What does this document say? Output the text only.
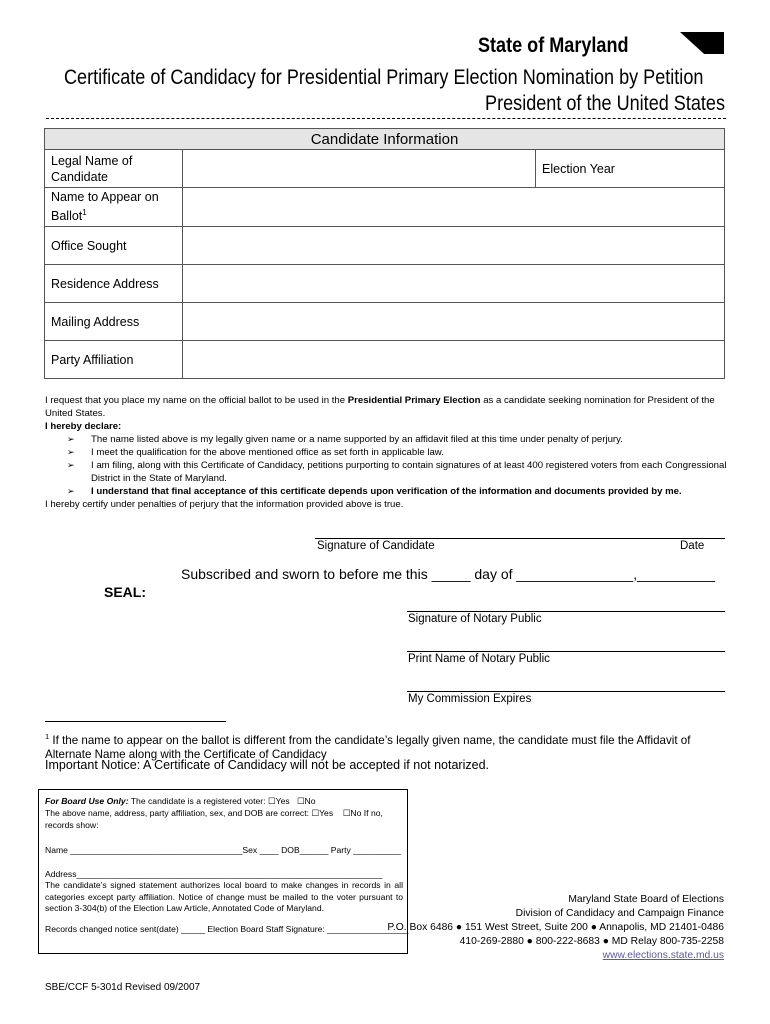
State of Maryland
Certificate of Candidacy for Presidential Primary Election Nomination by Petition
President of the United States
Candidate Information		
Legal Name of Candidate		Election Year
Name to Appear on Ballot$^1$	
Office Sought		
Residence Address		
Mailing Address		
Party Affiliation		
I request that you place my name on the official ballot to be used in the Presidential Primary Election as a candidate seeking nomination for President of the United States.
I hereby declare:
➢ The name listed above is my legally given name or a name supported by an affidavit filed at this time under penalty of perjury.
➢ I meet the qualification for the above mentioned office as set forth in applicable law.
➢ I am filing, along with this Certificate of Candidacy, petitions purporting to contain signatures of at least 400 registered voters from each Congressional District in the State of Maryland.
➢ I understand that final acceptance of this certificate depends upon verification of the information and documents provided by me.
I hereby certify under penalties of perjury that the information provided above is true.
Signature of Candidate	Date
Subscribed and sworn to before me this _____ day of _______________,__________
SEAL:
Signature of Notary Public
Print Name of Notary Public
My Commission Expires
$^1$ If the name to appear on the ballot is different from the candidate’s legally given name, the candidate must file the Affidavit of Alternate Name along with the Certificate of Candidacy
Important Notice: A Certificate of Candidacy will not be accepted if not notarized.
For Board Use Only: The candidate is a registered voter: ☐Yes ☐No
The above name, address, party affiliation, sex, and DOB are correct: ☐Yes ☐No If no,
records show:
Name ____________________________________Sex ____ DOB______ Party __________
Address________________________________________________________________
The candidate’s signed statement authorizes local board to make changes in records in all categories except party affiliation. Notice of change must be mailed to the voter pursuant to section 3-304(b) of the Election Law Article, Annotated Code of Maryland.
Records changed notice sent(date) _____ Election Board Staff Signature: _________________
Maryland State Board of Elections
Division of Candidacy and Campaign Finance
P.O. Box 6486 ● 151 West Street, Suite 200 ● Annapolis, MD 21401-0486
410-269-2880 ● 800-222-8683 ● MD Relay 800-735-2258
www.elections.state.md.us
SBE/CCF 5-301d Revised 09/2007
